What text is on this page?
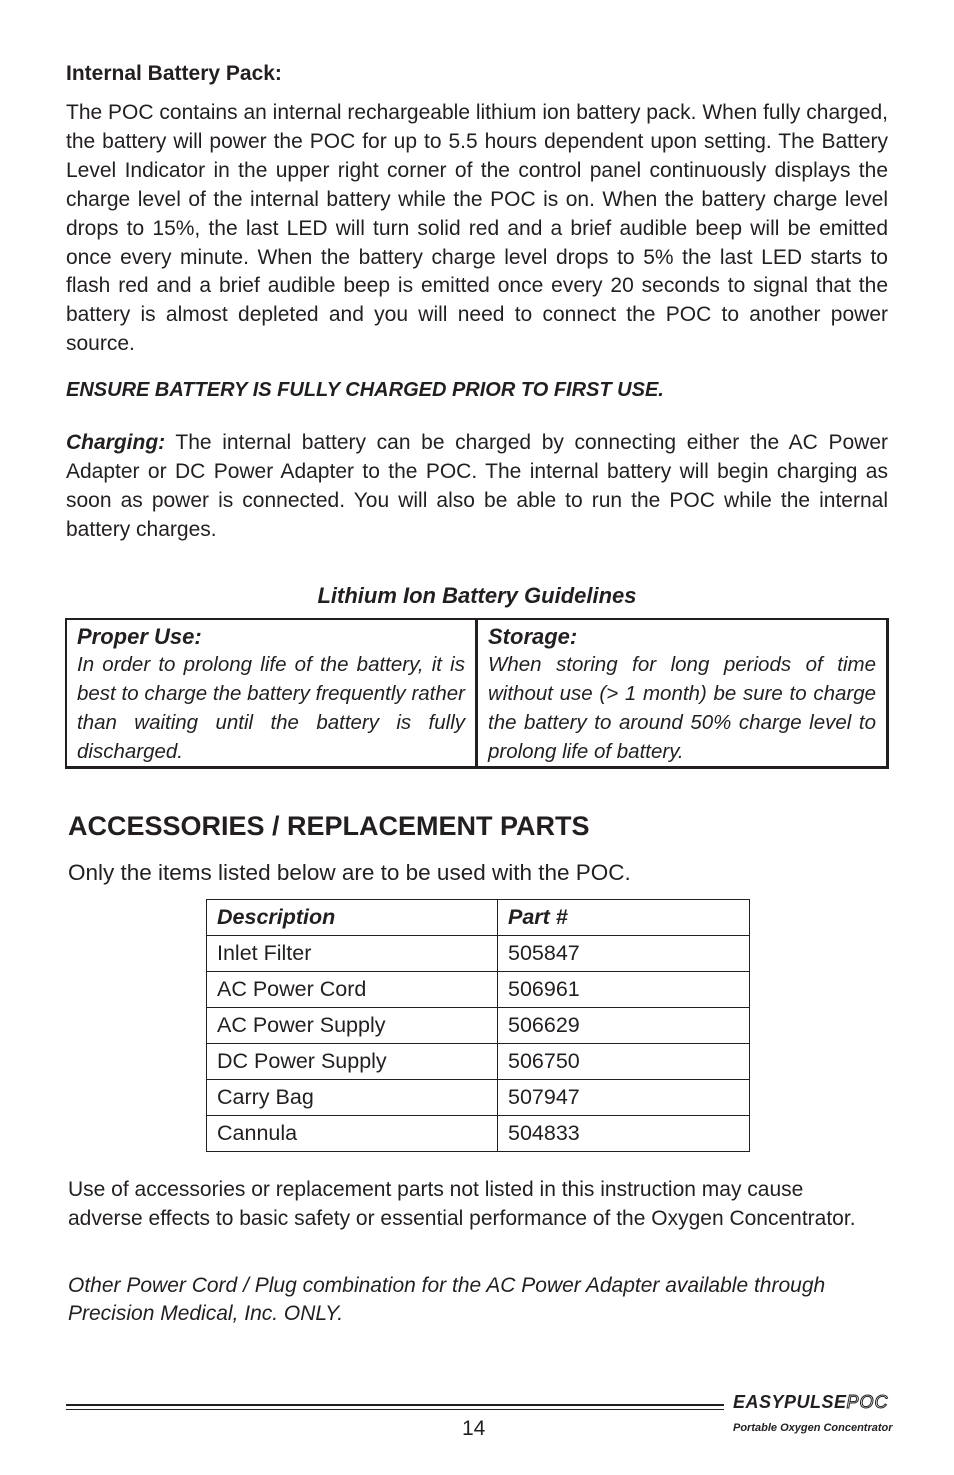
Internal Battery Pack:

The POC contains an internal rechargeable lithium ion battery pack. When fully charged, the battery will power the POC for up to 5.5 hours dependent upon setting. The Battery Level Indicator in the upper right corner of the control panel continuously displays the charge level of the internal battery while the POC is on. When the battery charge level drops to 15%, the last LED will turn solid red and a brief audible beep will be emitted once every minute. When the battery charge level drops to 5% the last LED starts to flash red and a brief audible beep is emitted once every 20 seconds to signal that the battery is almost depleted and you will need to connect the POC to another power source.

ENSURE BATTERY IS FULLY CHARGED PRIOR TO FIRST USE.

Charging: The internal battery can be charged by connecting either the AC Power Adapter or DC Power Adapter to the POC. The internal battery will begin charging as soon as power is connected. You will also be able to run the POC while the internal battery charges.

Lithium Ion Battery Guidelines
Proper Use:
In order to prolong life of the battery, it is best to charge the battery frequently rather than waiting until the battery is fully discharged.
Storage:
When storing for long periods of time without use (> 1 month) be sure to charge the battery to around 50% charge level to prolong life of battery.
ACCESSORIES / REPLACEMENT PARTS
Only the items listed below are to be used with the POC.
Description	Part #
Inlet Filter	505847
AC Power Cord	506961
AC Power Supply	506629
DC Power Supply	506750
Carry Bag	507947
Cannula	504833

Use of accessories or replacement parts not listed in this instruction may cause adverse effects to basic safety or essential performance of the Oxygen Concentrator.

Other Power Cord / Plug combination for the AC Power Adapter available through Precision Medical, Inc. ONLY.

14
EASYPULSEPOC
Portable Oxygen Concentrator
